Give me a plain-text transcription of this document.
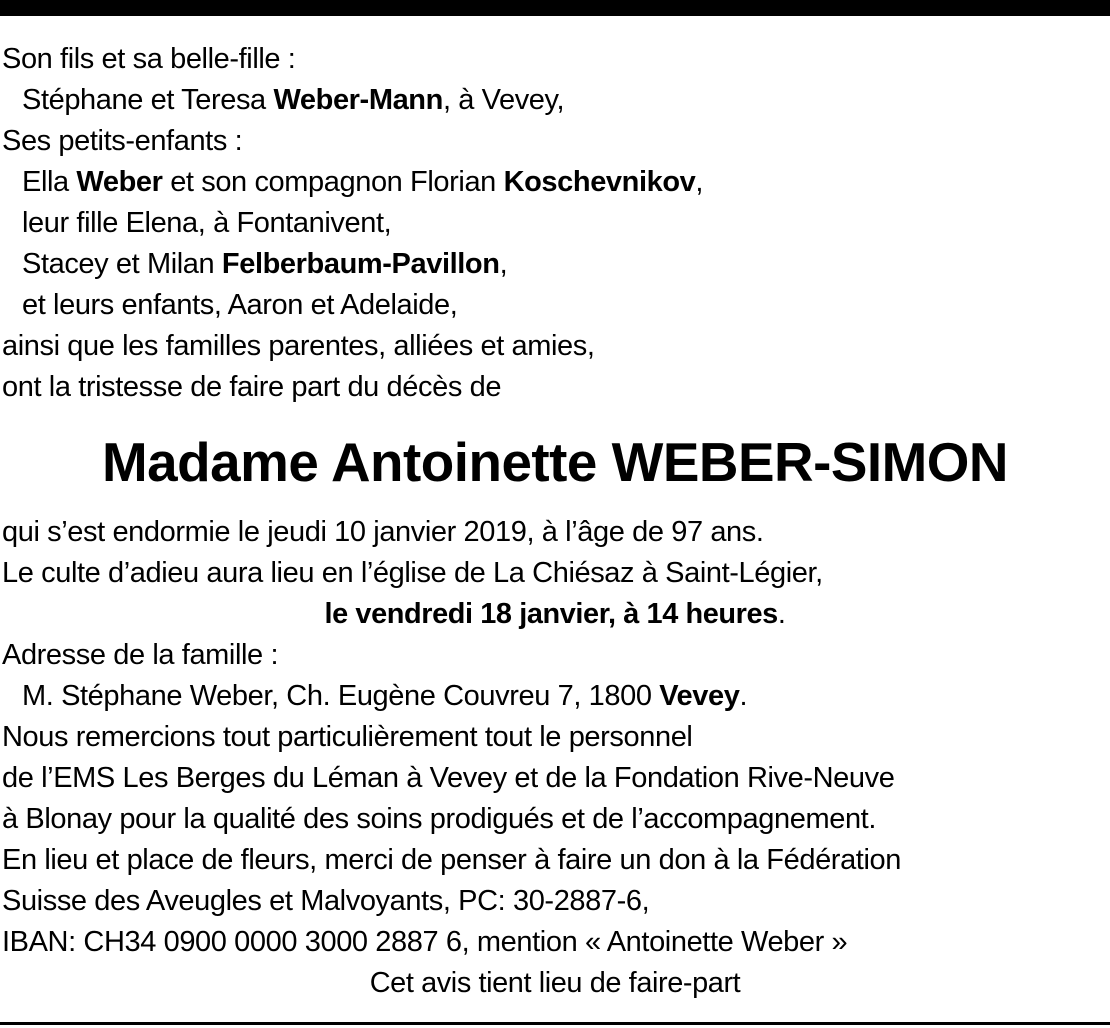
Son fils et sa belle-fille :
Stéphane et Teresa Weber-Mann, à Vevey,
Ses petits-enfants :
Ella Weber et son compagnon Florian Koschevnikov,
leur fille Elena, à Fontanivent,
Stacey et Milan Felberbaum-Pavillon,
et leurs enfants, Aaron et Adelaide,
ainsi que les familles parentes, alliées et amies,
ont la tristesse de faire part du décès de
Madame Antoinette WEBER-SIMON
qui s’est endormie le jeudi 10 janvier 2019, à l’âge de 97 ans.
Le culte d’adieu aura lieu en l’église de La Chiésaz à Saint-Légier,
le vendredi 18 janvier, à 14 heures.
Adresse de la famille :
M. Stéphane Weber, Ch. Eugène Couvreu 7, 1800 Vevey.
Nous remercions tout particulièrement tout le personnel
de l’EMS Les Berges du Léman à Vevey et de la Fondation Rive-Neuve
à Blonay pour la qualité des soins prodigués et de l’accompagnement.
En lieu et place de fleurs, merci de penser à faire un don à la Fédération
Suisse des Aveugles et Malvoyants, PC: 30-2887-6,
IBAN: CH34 0900 0000 3000 2887 6, mention « Antoinette Weber »
Cet avis tient lieu de faire-part
